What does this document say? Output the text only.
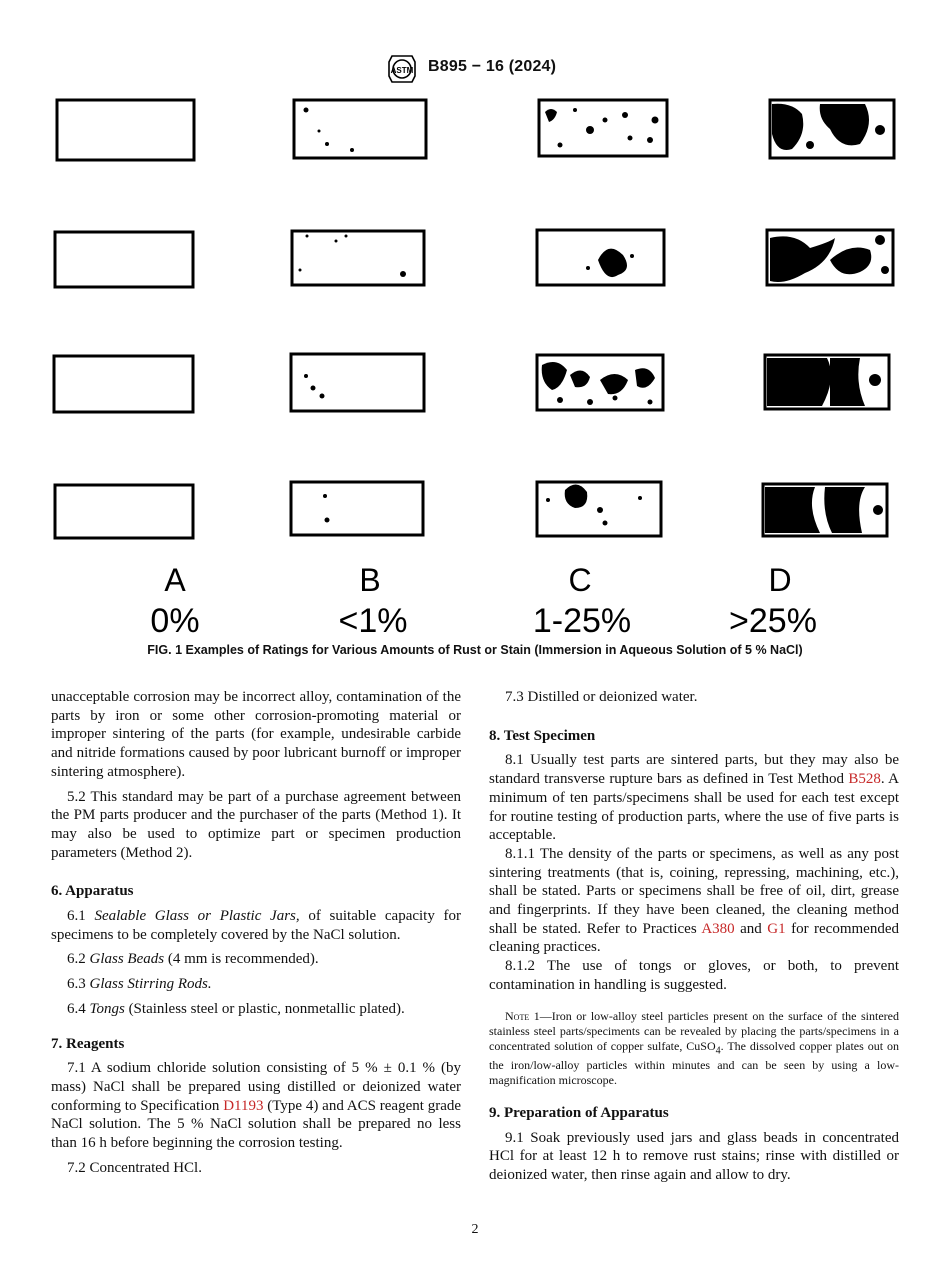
ASTM B895 − 16 (2024)
A	B	C	D
0%	<1%	1-25%	>25%
FIG. 1 Examples of Ratings for Various Amounts of Rust or Stain (Immersion in Aqueous Solution of 5 % NaCl)

unacceptable corrosion may be incorrect alloy, contamination of the parts by iron or some other corrosion-promoting material or improper sintering of the parts (for example, undesirable carbide and nitride formations caused by poor lubricant burnoff or improper sintering atmosphere).

5.2 This standard may be part of a purchase agreement between the PM parts producer and the purchaser of the parts (Method 1). It may also be used to optimize part or specimen production parameters (Method 2).

6. Apparatus

6.1 Sealable Glass or Plastic Jars, of suitable capacity for specimens to be completely covered by the NaCl solution.

6.2 Glass Beads (4 mm is recommended).

6.3 Glass Stirring Rods.

6.4 Tongs (Stainless steel or plastic, nonmetallic plated).

7. Reagents

7.1 A sodium chloride solution consisting of 5 % ± 0.1 % (by mass) NaCl shall be prepared using distilled or deionized water conforming to Specification D1193 (Type 4) and ACS reagent grade NaCl solution. The 5 % NaCl solution shall be prepared no less than 16 h before beginning the corrosion testing.

7.2 Concentrated HCl.

7.3 Distilled or deionized water.

8. Test Specimen

8.1 Usually test parts are sintered parts, but they may also be standard transverse rupture bars as defined in Test Method B528. A minimum of ten parts/specimens shall be used for each test except for routine testing of production parts, where the use of five parts is acceptable.

8.1.1 The density of the parts or specimens, as well as any post sintering treatments (that is, coining, repressing, machining, etc.), shall be stated. Parts or specimens shall be free of oil, dirt, grease and fingerprints. If they have been cleaned, the cleaning method shall be stated. Refer to Practices A380 and G1 for recommended cleaning practices.

8.1.2 The use of tongs or gloves, or both, to prevent contamination in handling is suggested.

Note 1—Iron or low-alloy steel particles present on the surface of the sintered stainless steel parts/speciments can be revealed by placing the parts/specimens in a concentrated solution of copper sulfate, CuSO$_4$. The dissolved copper plates out on the iron/low-alloy particles within minutes and can be seen by using a low-magnification microscope.

9. Preparation of Apparatus

9.1 Soak previously used jars and glass beads in concentrated HCl for at least 12 h to remove rust stains; rinse with distilled or deionized water, then rinse again and allow to dry.

2
